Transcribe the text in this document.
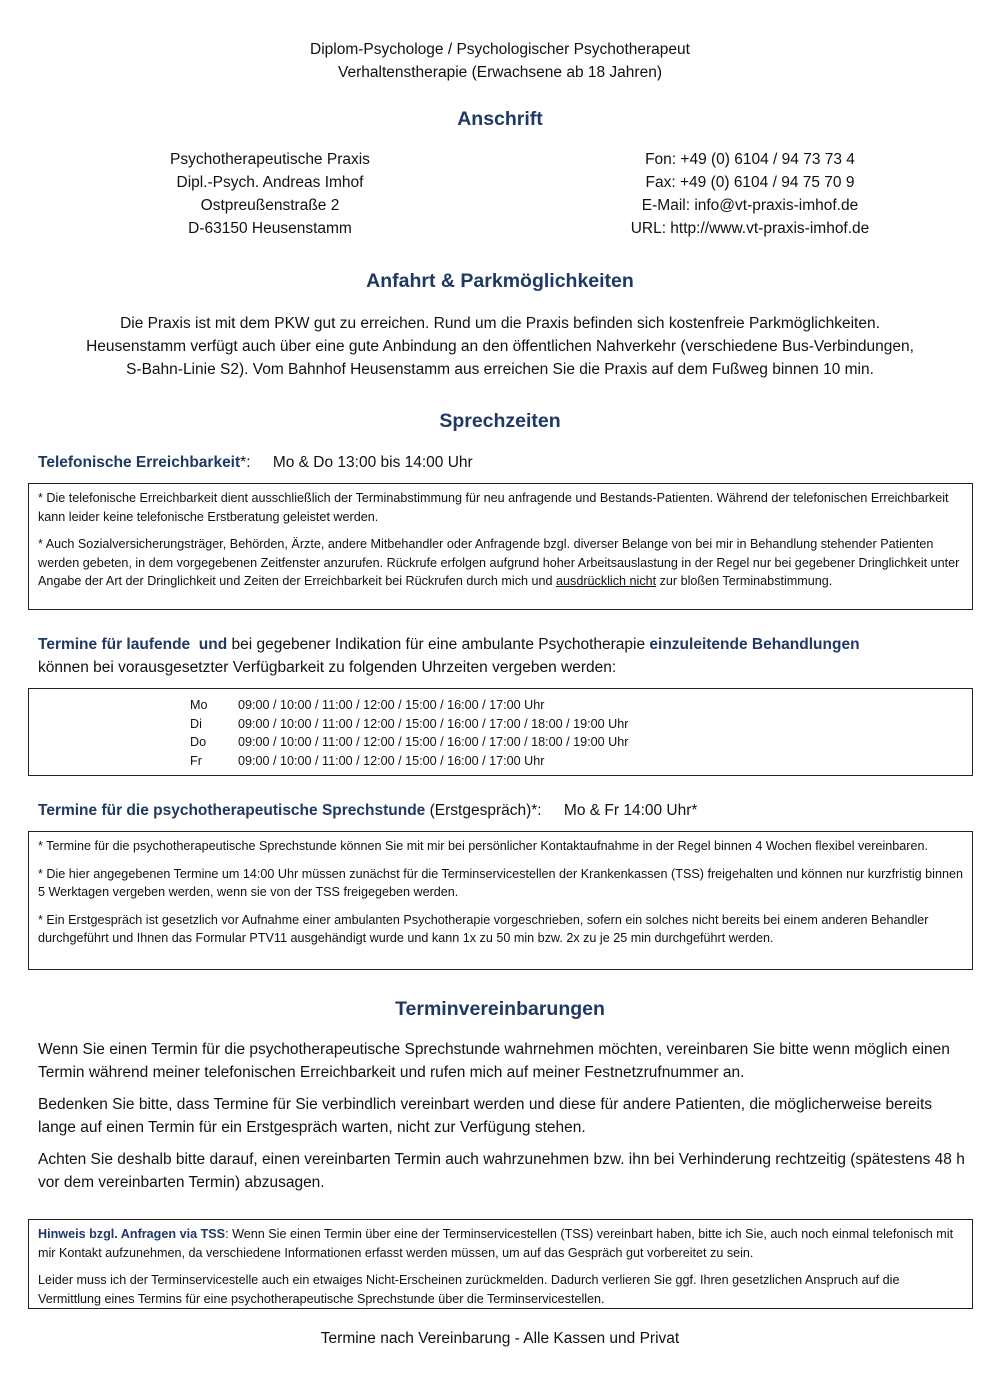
Diplom-Psychologe / Psychologischer Psychotherapeut
Verhaltenstherapie (Erwachsene ab 18 Jahren)
Anschrift
Psychotherapeutische Praxis
Dipl.-Psych. Andreas Imhof
Ostpreußenstraße 2
D-63150 Heusenstamm
Fon: +49 (0) 6104 / 94 73 73 4
Fax: +49 (0) 6104 / 94 75 70 9
E-Mail: info@vt-praxis-imhof.de
URL: http://www.vt-praxis-imhof.de
Anfahrt & Parkmöglichkeiten
Die Praxis ist mit dem PKW gut zu erreichen. Rund um die Praxis befinden sich kostenfreie Parkmöglichkeiten.
Heusenstamm verfügt auch über eine gute Anbindung an den öffentlichen Nahverkehr (verschiedene Bus-Verbindungen,
S-Bahn-Linie S2). Vom Bahnhof Heusenstamm aus erreichen Sie die Praxis auf dem Fußweg binnen 10 min.
Sprechzeiten
Telefonische Erreichbarkeit*: Mo & Do 13:00 bis 14:00 Uhr

* Die telefonische Erreichbarkeit dient ausschließlich der Terminabstimmung für neu anfragende und Bestands-Patienten. Während der telefonischen Erreichbarkeit kann leider keine telefonische Erstberatung geleistet werden.

* Auch Sozialversicherungsträger, Behörden, Ärzte, andere Mitbehandler oder Anfragende bzgl. diverser Belange von bei mir in Behandlung stehender Patienten werden gebeten, in dem vorgegebenen Zeitfenster anzurufen. Rückrufe erfolgen aufgrund hoher Arbeitsauslastung in der Regel nur bei gegebener Dringlichkeit unter Angabe der Art der Dringlichkeit und Zeiten der Erreichbarkeit bei Rückrufen durch mich und ausdrücklich nicht zur bloßen Terminabstimmung.

Termine für laufende  und bei gegebener Indikation für eine ambulante Psychotherapie einzuleitende Behandlungen
können bei vorausgesetzter Verfügbarkeit zu folgenden Uhrzeiten vergeben werden:
Mo	09:00 / 10:00 / 11:00 / 12:00 / 15:00 / 16:00 / 17:00 Uhr
Di	09:00 / 10:00 / 11:00 / 12:00 / 15:00 / 16:00 / 17:00 / 18:00 / 19:00 Uhr
Do	09:00 / 10:00 / 11:00 / 12:00 / 15:00 / 16:00 / 17:00 / 18:00 / 19:00 Uhr
Fr	09:00 / 10:00 / 11:00 / 12:00 / 15:00 / 16:00 / 17:00 Uhr
Termine für die psychotherapeutische Sprechstunde (Erstgespräch)*: Mo & Fr 14:00 Uhr*

* Termine für die psychotherapeutische Sprechstunde können Sie mit mir bei persönlicher Kontaktaufnahme in der Regel binnen 4 Wochen flexibel vereinbaren.

* Die hier angegebenen Termine um 14:00 Uhr müssen zunächst für die Terminservicestellen der Krankenkassen (TSS) freigehalten und können nur kurzfristig binnen 5 Werktagen vergeben werden, wenn sie von der TSS freigegeben werden.

* Ein Erstgespräch ist gesetzlich vor Aufnahme einer ambulanten Psychotherapie vorgeschrieben, sofern ein solches nicht bereits bei einem anderen Behandler durchgeführt und Ihnen das Formular PTV11 ausgehändigt wurde und kann 1x zu 50 min bzw. 2x zu je 25 min durchgeführt werden.

Terminvereinbarungen

Wenn Sie einen Termin für die psychotherapeutische Sprechstunde wahrnehmen möchten, vereinbaren Sie bitte wenn möglich einen Termin während meiner telefonischen Erreichbarkeit und rufen mich auf meiner Festnetzrufnummer an.

Bedenken Sie bitte, dass Termine für Sie verbindlich vereinbart werden und diese für andere Patienten, die möglicherweise bereits lange auf einen Termin für ein Erstgespräch warten, nicht zur Verfügung stehen.

Achten Sie deshalb bitte darauf, einen vereinbarten Termin auch wahrzunehmen bzw. ihn bei Verhinderung rechtzeitig (spätestens 48 h vor dem vereinbarten Termin) abzusagen.

Hinweis bzgl. Anfragen via TSS: Wenn Sie einen Termin über eine der Terminservicestellen (TSS) vereinbart haben, bitte ich Sie, auch noch einmal telefonisch mit mir Kontakt aufzunehmen, da verschiedene Informationen erfasst werden müssen, um auf das Gespräch gut vorbereitet zu sein.

Leider muss ich der Terminservicestelle auch ein etwaiges Nicht-Erscheinen zurückmelden. Dadurch verlieren Sie ggf. Ihren gesetzlichen Anspruch auf die Vermittlung eines Termins für eine psychotherapeutische Sprechstunde über die Terminservicestellen.

Termine nach Vereinbarung - Alle Kassen und Privat
